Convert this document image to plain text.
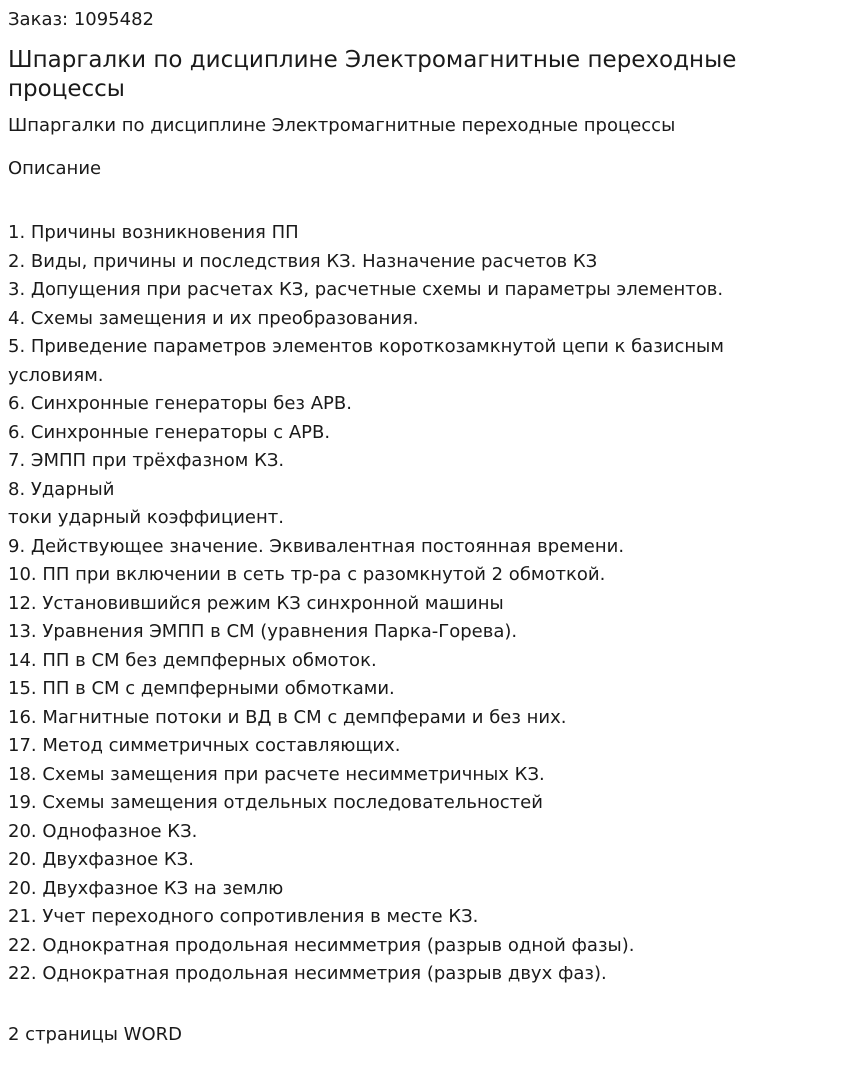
Заказ: 1095482

Шпаргалки по дисциплине Электромагнитные переходные процессы

Шпаргалки по дисциплине Электромагнитные переходные процессы

Описание

1. Причины возникновения ПП
2. Виды, причины и последствия КЗ. Назначение расчетов КЗ
3. Допущения при расчетах КЗ, расчетные схемы и параметры элементов.
4. Схемы замещения и их преобразования.
5. Приведение параметров элементов короткозамкнутой цепи к базисным условиям.
6. Синхронные генераторы без АРВ.
6. Синхронные генераторы с АРВ.
7. ЭМПП при трёхфазном КЗ.
8. Ударный
токи ударный коэффициент.
9. Действующее значение. Эквивалентная постоянная времени.
10. ПП при включении в сеть тр-ра с разомкнутой 2 обмоткой.
12. Установившийся режим КЗ синхронной машины
13. Уравнения ЭМПП в СМ (уравнения Парка-Горева).
14. ПП в СМ без демпферных обмоток.
15. ПП в СМ с демпферными обмотками.
16. Магнитные потоки и ВД в СМ с демпферами и без них.
17. Метод симметричных составляющих.
18. Схемы замещения при расчете несимметричных КЗ.
19. Схемы замещения отдельных последовательностей
20. Однофазное КЗ.
20. Двухфазное КЗ.
20. Двухфазное КЗ на землю
21. Учет переходного сопротивления в месте КЗ.
22. Однократная продольная несимметрия (разрыв одной фазы).
22. Однократная продольная несимметрия (разрыв двух фаз).

2 страницы WORD
